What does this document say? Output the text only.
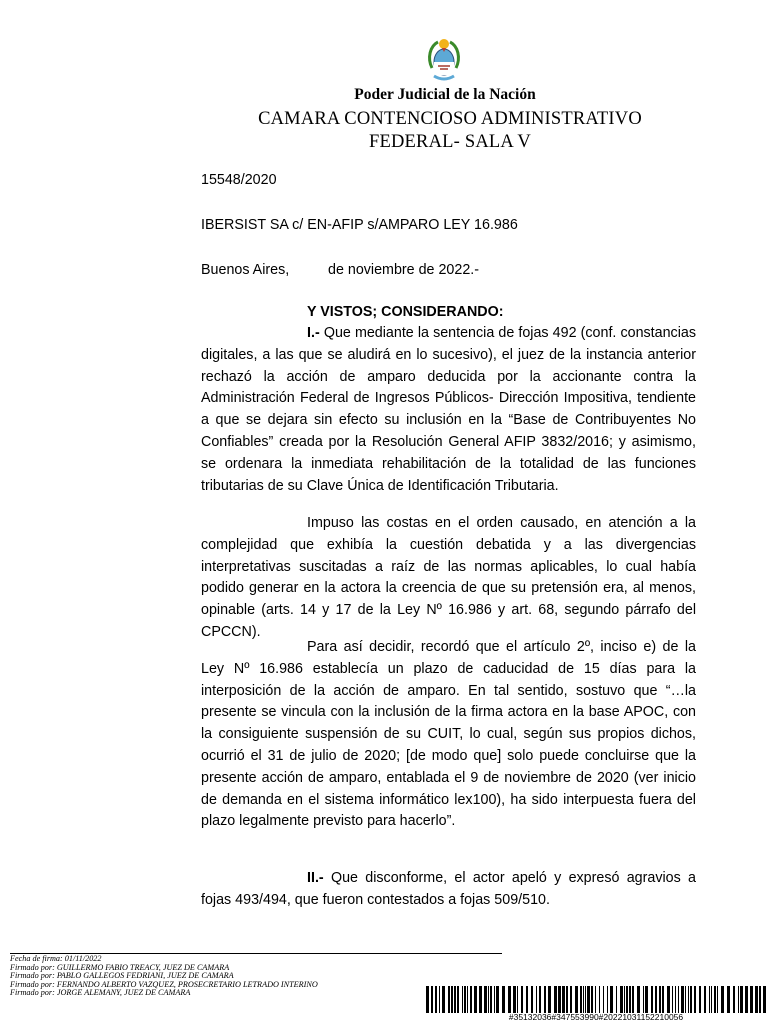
Poder Judicial de la Nación
CAMARA CONTENCIOSO ADMINISTRATIVO
FEDERAL- SALA V
15548/2020
IBERSIST SA c/ EN-AFIP s/AMPARO LEY 16.986
Buenos Aires,	de noviembre de 2022.-
Y VISTOS; CONSIDERANDO:

I.- Que mediante la sentencia de fojas 492 (conf. constancias digitales, a las que se aludirá en lo sucesivo), el juez de la instancia anterior rechazó la acción de amparo deducida por la accionante contra la Administración Federal de Ingresos Públicos- Dirección Impositiva, tendiente a que se dejara sin efecto su inclusión en la “Base de Contribuyentes No Confiables” creada por la Resolución General AFIP 3832/2016; y asimismo, se ordenara la inmediata rehabilitación de la totalidad de las funciones tributarias de su Clave Única de Identificación Tributaria.

Impuso las costas en el orden causado, en atención a la complejidad que exhibía la cuestión debatida y a las divergencias interpretativas suscitadas a raíz de las normas aplicables, lo cual había podido generar en la actora la creencia de que su pretensión era, al menos, opinable (arts. 14 y 17 de la Ley Nº 16.986 y art. 68, segundo párrafo del CPCCN).

Para así decidir, recordó que el artículo 2º, inciso e) de la Ley Nº 16.986 establecía un plazo de caducidad de 15 días para la interposición de la acción de amparo. En tal sentido, sostuvo que “…la presente se vincula con la inclusión de la firma actora en la base APOC, con la consiguiente suspensión de su CUIT, lo cual, según sus propios dichos, ocurrió el 31 de julio de 2020; [de modo que] solo puede concluirse que la presente acción de amparo, entablada el 9 de noviembre de 2020 (ver inicio de demanda en el sistema informático lex100), ha sido interpuesta fuera del plazo legalmente previsto para hacerlo”.

II.- Que disconforme, el actor apeló y expresó agravios a fojas 493/494, que fueron contestados a fojas 509/510.

Fecha de firma: 01/11/2022
Firmado por: GUILLERMO FABIO TREACY, JUEZ DE CAMARA
Firmado por: PABLO GALLEGOS FEDRIANI, JUEZ DE CAMARA
Firmado por: FERNANDO ALBERTO VAZQUEZ, PROSECRETARIO LETRADO INTERINO
Firmado por: JORGE ALEMANY, JUEZ DE CAMARA
#35132036#347553990#20221031152210056
